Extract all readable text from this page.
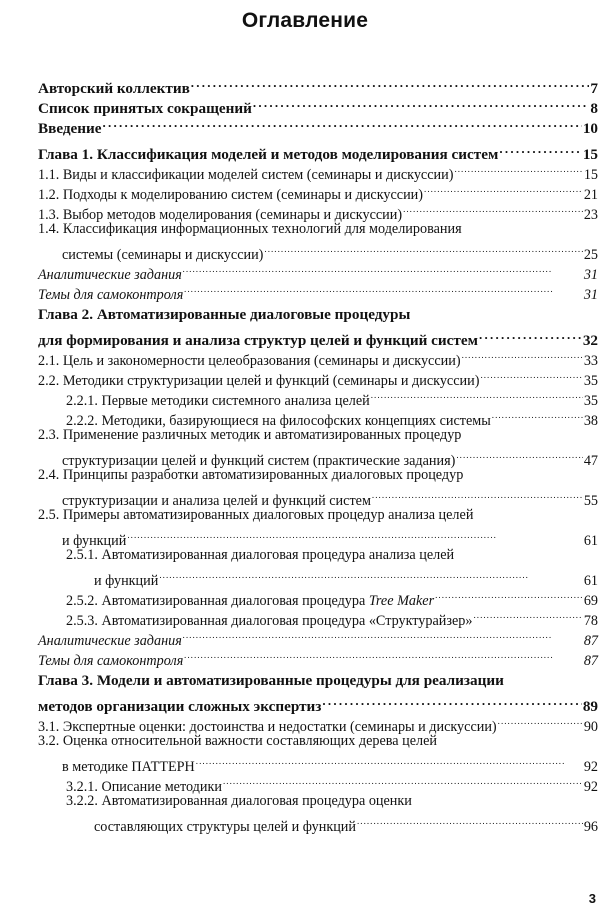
Оглавление
Авторский коллектив . . .	7
Список принятых сокращений . . .	8
Введение . . .	10
Глава 1. Классификация моделей и методов моделирования систем . . .	15
1.1. Виды и классификации моделей систем (семинары и дискуссии) . . .	15
1.2. Подходы к моделированию систем (семинары и дискуссии) . . .	21
1.3. Выбор методов моделирования (семинары и дискуссии) . . .	23
1.4. Классификация информационных технологий для моделирования
системы (семинары и дискуссии) . . .	25
Аналитические задания . . .	31
Темы для самоконтроля . . .	31
Глава 2. Автоматизированные диалоговые процедуры
для формирования и анализа структур целей и функций систем . . .	32
2.1. Цель и закономерности целеобразования (семинары и дискуссии) . . .	33
2.2. Методики структуризации целей и функций (семинары и дискуссии) . . .	35
2.2.1. Первые методики системного анализа целей . . .	35
2.2.2. Методики, базирующиеся на философских концепциях системы . . .	38
2.3. Применение различных методик и автоматизированных процедур
структуризации целей и функций систем (практические задания) . . .	47
2.4. Принципы разработки автоматизированных диалоговых процедур
структуризации и анализа целей и функций систем . . .	55
2.5. Примеры автоматизированных диалоговых процедур анализа целей
и функций . . .	61
2.5.1. Автоматизированная диалоговая процедура анализа целей
и функций . . .	61
2.5.2. Автоматизированная диалоговая процедура Tree Maker . . .	69
2.5.3. Автоматизированная диалоговая процедура «Структурайзер» . . .	78
Аналитические задания . . .	87
Темы для самоконтроля . . .	87
Глава 3. Модели и автоматизированные процедуры для реализации
методов организации сложных экспертиз . . .	89
3.1. Экспертные оценки: достоинства и недостатки (семинары и дискуссии) . . .	90
3.2. Оценка относительной важности составляющих дерева целей
в методике ПАТТЕРН . . .	92
3.2.1. Описание методики . . .	92
3.2.2. Автоматизированная диалоговая процедура оценки
составляющих структуры целей и функций . . .	96
3
